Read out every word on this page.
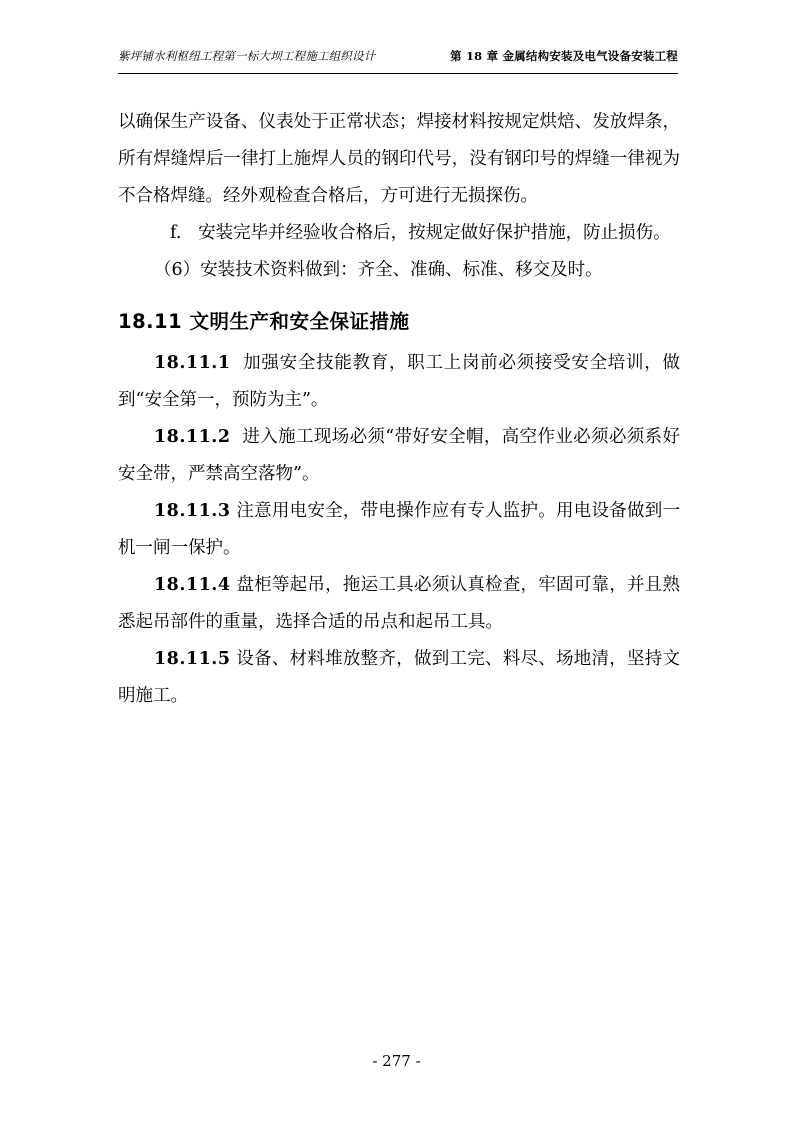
紫坪铺水利枢纽工程第一标大坝工程施工组织设计	第 18 章 金属结构安装及电气设备安装工程

以确保生产设备、仪表处于正常状态；焊接材料按规定烘焙、发放焊条，所有焊缝焊后一律打上施焊人员的钢印代号，没有钢印号的焊缝一律视为不合格焊缝。经外观检查合格后，方可进行无损探伤。

f. 安装完毕并经验收合格后，按规定做好保护措施，防止损伤。

（6）安装技术资料做到：齐全、准确、标准、移交及时。

18.11 文明生产和安全保证措施

18.11.1 加强安全技能教育，职工上岗前必须接受安全培训，做到“安全第一，预防为主”。

18.11.2 进入施工现场必须“带好安全帽，高空作业必须必须系好安全带，严禁高空落物”。

18.11.3 注意用电安全，带电操作应有专人监护。用电设备做到一机一闸一保护。

18.11.4 盘柜等起吊，拖运工具必须认真检查，牢固可靠，并且熟悉起吊部件的重量，选择合适的吊点和起吊工具。

18.11.5 设备、材料堆放整齐，做到工完、料尽、场地清，坚持文明施工。

- 277 -
